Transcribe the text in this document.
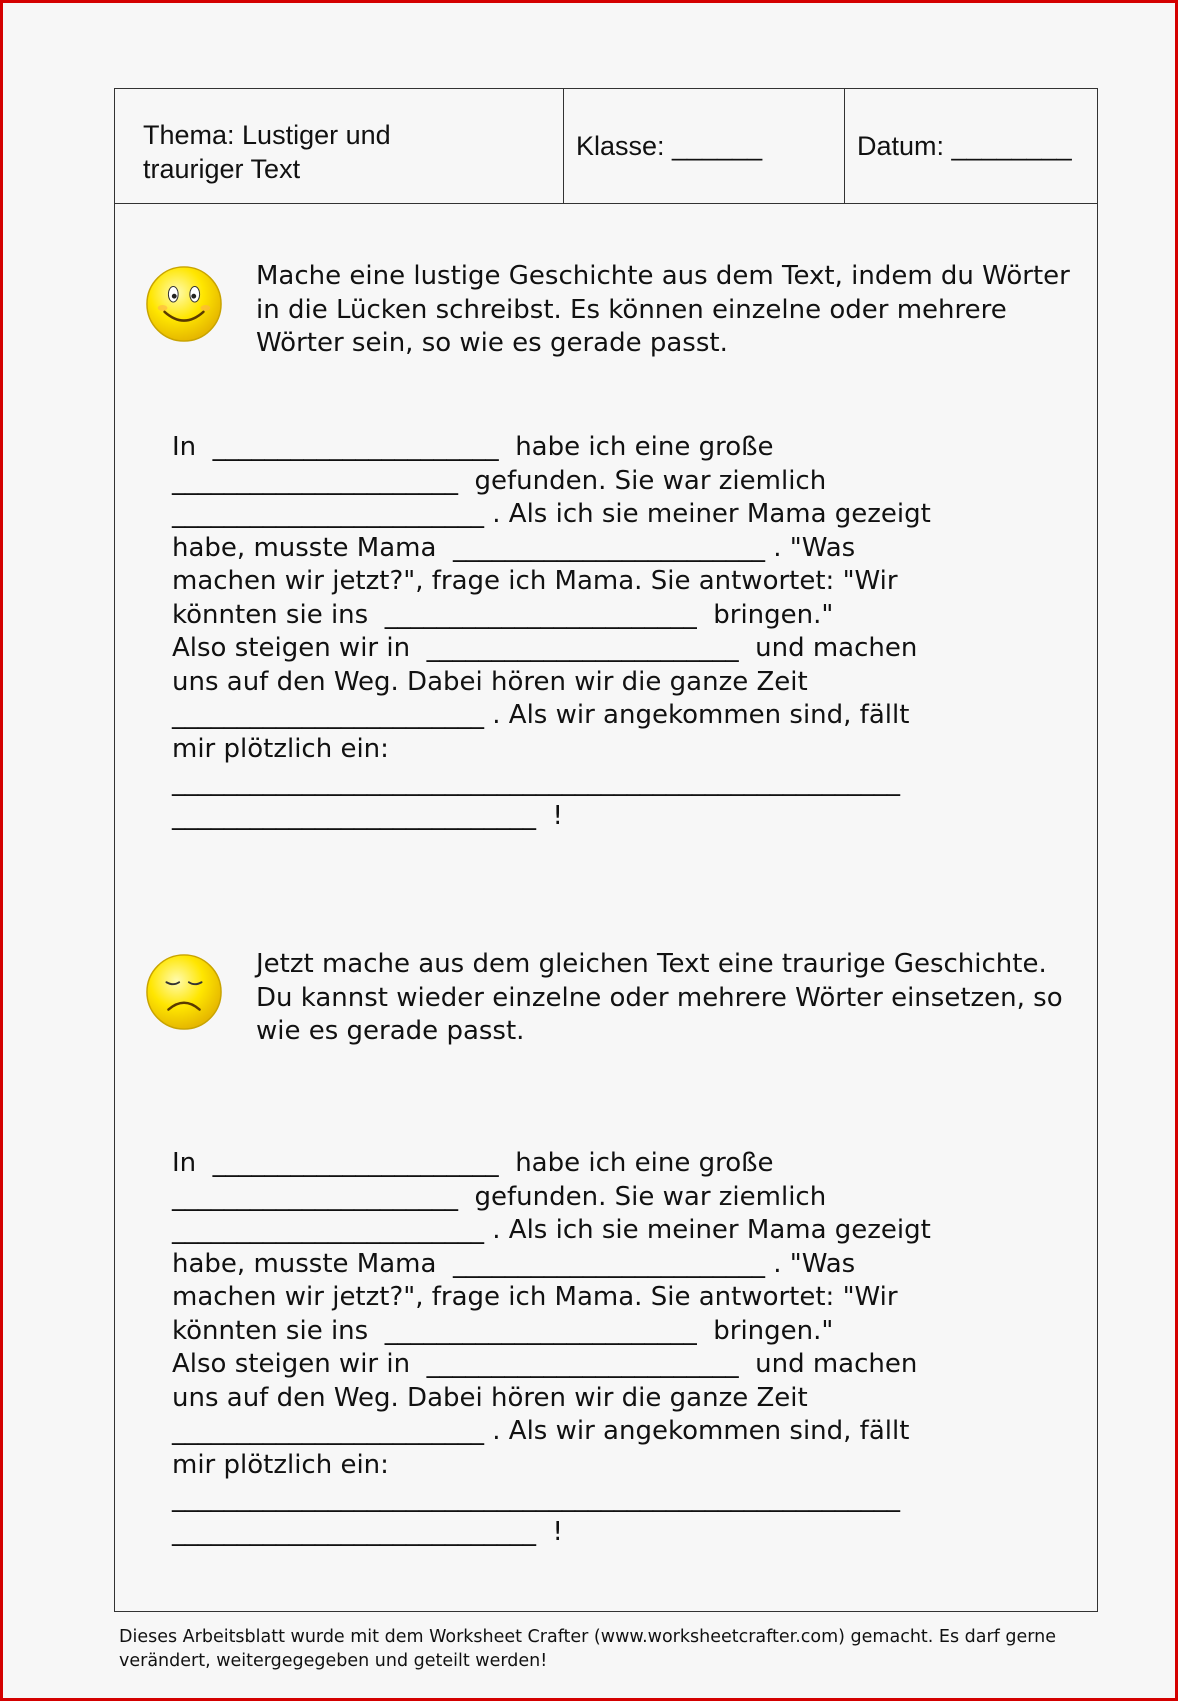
Thema: Lustiger und trauriger Text
Klasse: ______	Datum: ________
Mache eine lustige Geschichte aus dem Text, indem du Wörter in die Lücken schreibst. Es können einzelne oder mehrere Wörter sein, so wie es gerade passt.
In  ______________________  habe ich eine große
______________________  gefunden. Sie war ziemlich
________________________ . Als ich sie meiner Mama gezeigt
habe, musste Mama  ________________________ . "Was
machen wir jetzt?", frage ich Mama. Sie antwortet: "Wir
könnten sie ins  ________________________  bringen."
Also steigen wir in  ________________________  und machen
uns auf den Weg. Dabei hören wir die ganze Zeit
________________________ . Als wir angekommen sind, fällt
mir plötzlich ein:
________________________________________________________
____________________________  !
Jetzt mache aus dem gleichen Text eine traurige Geschichte. Du kannst wieder einzelne oder mehrere Wörter einsetzen, so wie es gerade passt.
In  ______________________  habe ich eine große
______________________  gefunden. Sie war ziemlich
________________________ . Als ich sie meiner Mama gezeigt
habe, musste Mama  ________________________ . "Was
machen wir jetzt?", frage ich Mama. Sie antwortet: "Wir
könnten sie ins  ________________________  bringen."
Also steigen wir in  ________________________  und machen
uns auf den Weg. Dabei hören wir die ganze Zeit
________________________ . Als wir angekommen sind, fällt
mir plötzlich ein:
________________________________________________________
____________________________  !
Dieses Arbeitsblatt wurde mit dem Worksheet Crafter (www.worksheetcrafter.com) gemacht. Es darf gerne verändert, weitergegegeben und geteilt werden!
